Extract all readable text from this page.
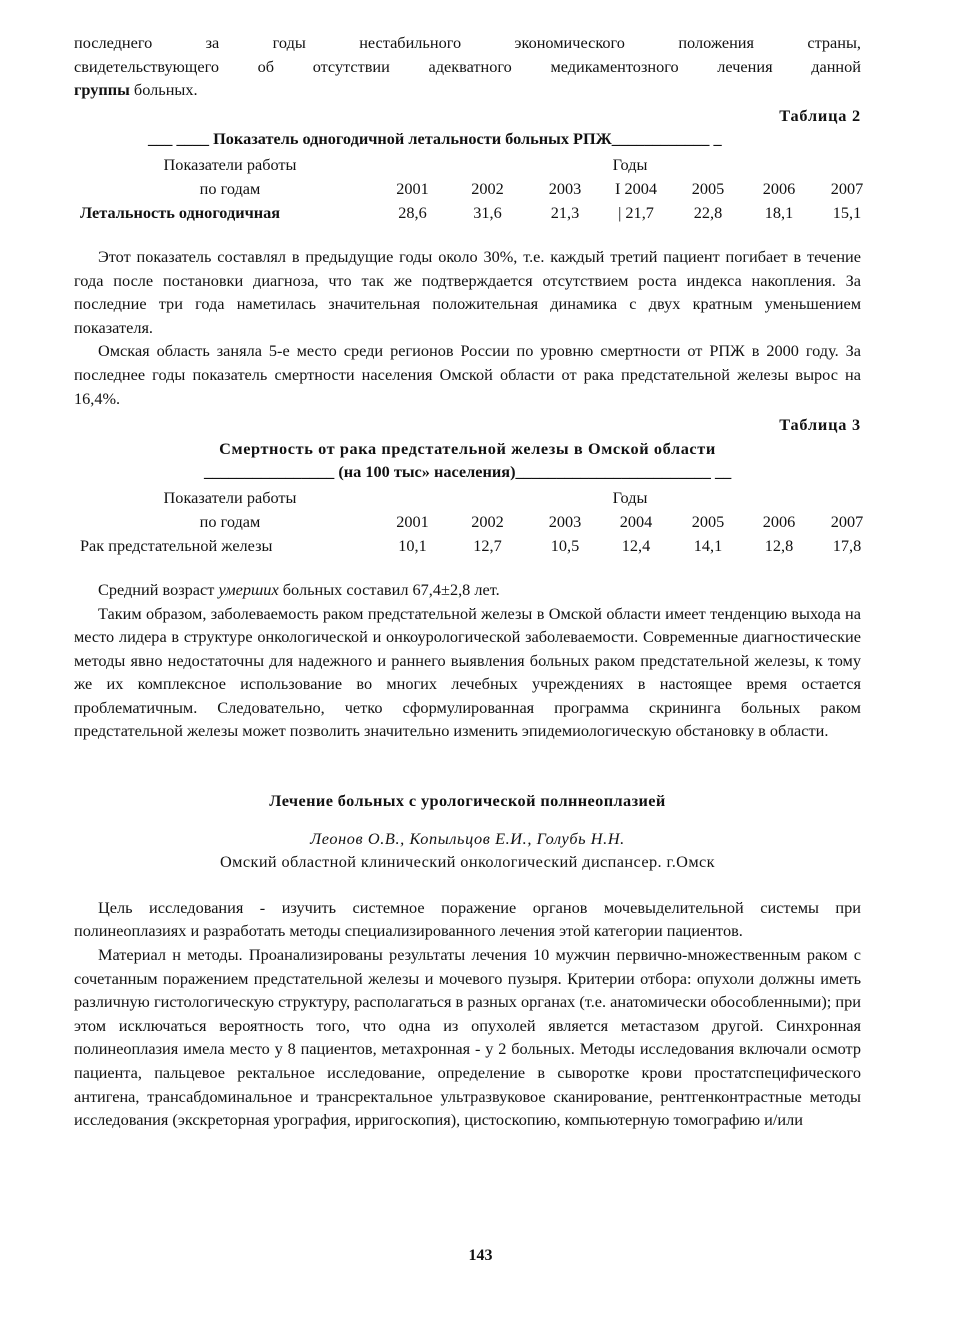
последнего за годы нестабильного экономического положения страны,

свидетельствующего об отсутствии адекватного медикаментозного лечения данной

группы больных.

Таблица 2

___ ____ Показатель одногодичной летальности больных РПЖ____________ _

Показатели работы	Годы						
по годам	2001	2002	2003	I 2004	2005	2006	2007
Летальность одногодичная	28,6	31,6	21,3	| 21,7	22,8	18,1	15,1

Этот показатель составлял в предыдущие годы около 30%, т.е. каждый третий пациент погибает в течение года после постановки диагноза, что так же подтверждается отсутствием роста индекса накопления. За последние три года наметилась значительная положительная динамика с двух кратным уменьшением показателя.

Омская область заняла 5-е место среди регионов России по уровню смертности от РПЖ в 2000 году. За последнее годы показатель смертности населения Омской области от рака предстательной железы вырос на 16,4%.

Таблица 3

Смертность от рака предстательной железы в Омской области

________________ (на 100 тыс» населения)________________________ __

Показатели работы	Годы						
по годам	2001	2002	2003	2004	2005	2006	2007
Рак предстательной железы	10,1	12,7	10,5	12,4	14,1	12,8	17,8

Средний возраст умерших больных составил 67,4±2,8 лет.

Таким образом, заболеваемость раком предстательной железы в Омской области имеет тенденцию выхода на место лидера в структуре онкологической и онкоурологической заболеваемости. Современные диагностические методы явно недостаточны для надежного и раннего выявления больных раком предстательной железы, к тому же их комплексное использование во многих лечебных учреждениях в настоящее время остается проблематичным. Следовательно, четко сформулированная программа скрининга больных раком предстательной железы может позволить значительно изменить эпидемиологическую обстановку в области.

Лечение больных с урологической полннеоплазией
Леонов О.В., Копыльцов Е.И., Голубь Н.Н.
Омский областной клинический онкологический диспансер. г.Омск

Цель исследования - изучить системное поражение органов мочевыделительной системы при полинеоплазиях и разработать методы специализированного лечения этой категории пациентов.

Материал н методы. Проанализированы результаты лечения 10 мужчин первично-множественным раком с сочетанным поражением предстательной железы и мочевого пузыря. Критерии отбора: опухоли должны иметь различную гистологическую структуру, располагаться в разных органах (т.е. анатомически обособленными); при этом исключаться вероятность того, что одна из опухолей является метастазом другой. Синхронная полинеоплазия имела место у 8 пациентов, метахронная - у 2 больных. Методы исследования включали осмотр пациента, пальцевое ректальное исследование, определение в сыворотке крови простатспецифического антигена, трансабдоминальное и трансректальное ультразвуковое сканирование, рентгенконтрастные методы исследования (экскреторная урография, ирригоскопия), цистоскопию, компьютерную томографию и/или

143
